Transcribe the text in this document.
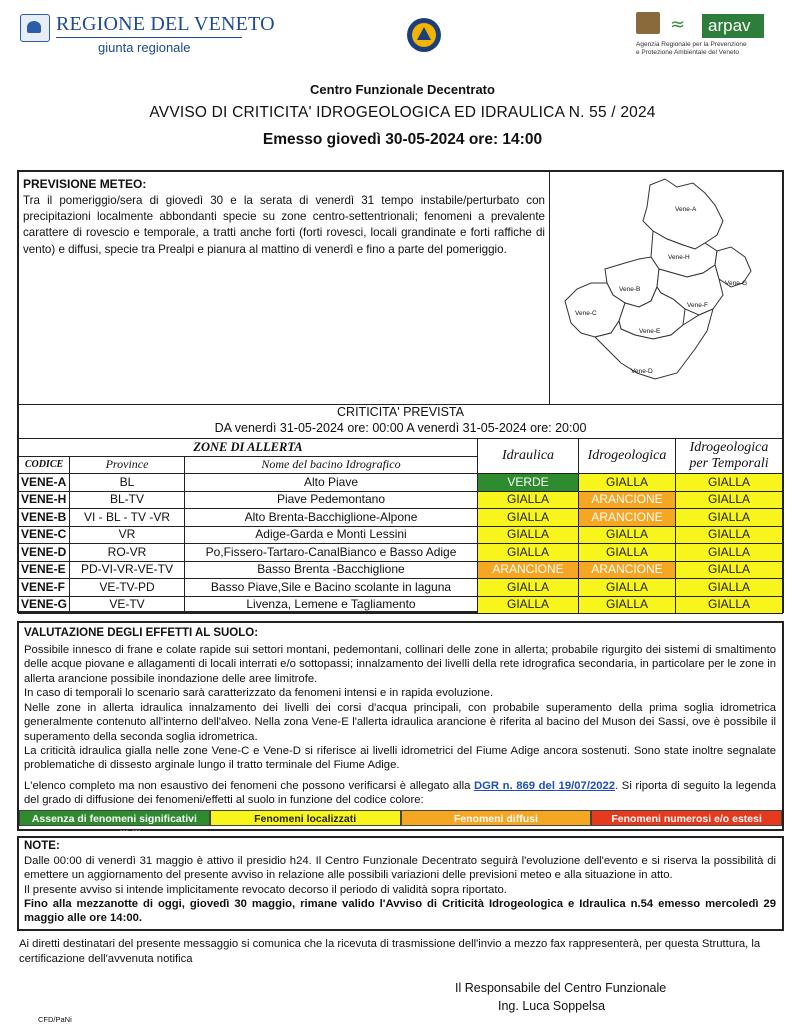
REGIONE DEL VENETO
giunta regionale
≈	arpav
Agenzia Regionale per la Prevenzione
e Protezione Ambientale del Veneto
Centro Funzionale Decentrato
AVVISO DI CRITICITA' IDROGEOLOGICA ED IDRAULICA N. 55 / 2024
Emesso giovedì 30-05-2024 ore: 14:00
PREVISIONE METEO:
Tra il pomeriggio/sera di giovedì 30 e la serata di venerdì 31 tempo instabile/perturbato con precipitazioni localmente abbondanti specie su zone centro-settentrionali; fenomeni a prevalente carattere di rovescio e temporale, a tratti anche forti (forti rovesci, locali grandinate e forti raffiche di vento) e diffusi, specie tra Prealpi e pianura al mattino di venerdì e fino a parte del pomeriggio.
Vene-A
Vene-H
Vene-G
Vene-B
Vene-F
Vene-C
Vene-E
Vene-D
CRITICITA' PREVISTA
DA venerdì 31-05-2024 ore: 00:00 A venerdì 31-05-2024 ore: 20:00
ZONE DI ALLERTA			Idraulica	Idrogeologica	Idrogeologica
per Temporali

CODICE	Province	Nome del bacino Idrografico			
VENE-A	BL	Alto Piave	VERDE	GIALLA	GIALLA
VENE-H	BL-TV	Piave Pedemontano	GIALLA	ARANCIONE	GIALLA
VENE-B	VI - BL - TV -VR	Alto Brenta-Bacchiglione-Alpone	GIALLA	ARANCIONE	GIALLA
VENE-C	VR	Adige-Garda e Monti Lessini	GIALLA	GIALLA	GIALLA
VENE-D	RO-VR	Po,Fissero-Tartaro-CanalBianco e Basso Adige	GIALLA	GIALLA	GIALLA
VENE-E	PD-VI-VR-VE-TV	Basso Brenta -Bacchiglione	ARANCIONE	ARANCIONE	GIALLA
VENE-F	VE-TV-PD	Basso Piave,Sile e Bacino scolante in laguna	GIALLA	GIALLA	GIALLA
VENE-G	VE-TV	Livenza, Lemene e Tagliamento	GIALLA	GIALLA	GIALLA
VALUTAZIONE DEGLI EFFETTI AL SUOLO:
Possibile innesco di frane e colate rapide sui settori montani, pedemontani, collinari delle zone in allerta; probabile rigurgito dei sistemi di smaltimento delle acque piovane e allagamenti di locali interrati e/o sottopassi; innalzamento dei livelli della rete idrografica secondaria, in particolare per le zone in allerta arancione possibile inondazione delle aree limitrofe.
In caso di temporali lo scenario sarà caratterizzato da fenomeni intensi e in rapida evoluzione.
Nelle zone in allerta idraulica innalzamento dei livelli dei corsi d'acqua principali, con probabile superamento della prima soglia idrometrica generalmente contenuto all'interno dell'alveo. Nella zona Vene-E l'allerta idraulica arancione è riferita al bacino del Muson dei Sassi, ove è possibile il superamento della seconda soglia idrometrica.
La criticità idraulica gialla nelle zone Vene-C e Vene-D si riferisce ai livelli idrometrici del Fiume Adige ancora sostenuti. Sono state inoltre segnalate problematiche di dissesto arginale lungo il tratto terminale del Fiume Adige.
L'elenco completo ma non esaustivo dei fenomeni che possono verificarsi è allegato alla DGR n. 869 del 19/07/2022. Si riporta di seguito la legenda del grado di diffusione dei fenomeni/effetti al suolo in funzione del codice colore:
Assenza di fenomeni significativi prevedibili
Fenomeni localizzati	Fenomeni diffusi	Fenomeni numerosi e/o estesi
NOTE:
Dalle 00:00 di venerdì 31 maggio è attivo il presidio h24. Il Centro Funzionale Decentrato seguirà l'evoluzione dell'evento e si riserva la possibilità di emettere un aggiornamento del presente avviso in relazione alle possibili variazioni delle previsioni meteo e alla situazione in atto.
Il presente avviso si intende implicitamente revocato decorso il periodo di validità sopra riportato.
Fino alla mezzanotte di oggi, giovedì 30 maggio, rimane valido l'Avviso di Criticità Idrogeologica e Idraulica n.54 emesso mercoledì 29 maggio alle ore 14:00.
Ai diretti destinatari del presente messaggio si comunica che la ricevuta di trasmissione dell'invio a mezzo fax rappresenterà, per questa Struttura, la certificazione dell'avvenuta notifica
Il Responsabile del Centro Funzionale
Ing. Luca Soppelsa
CFD/PaNi
